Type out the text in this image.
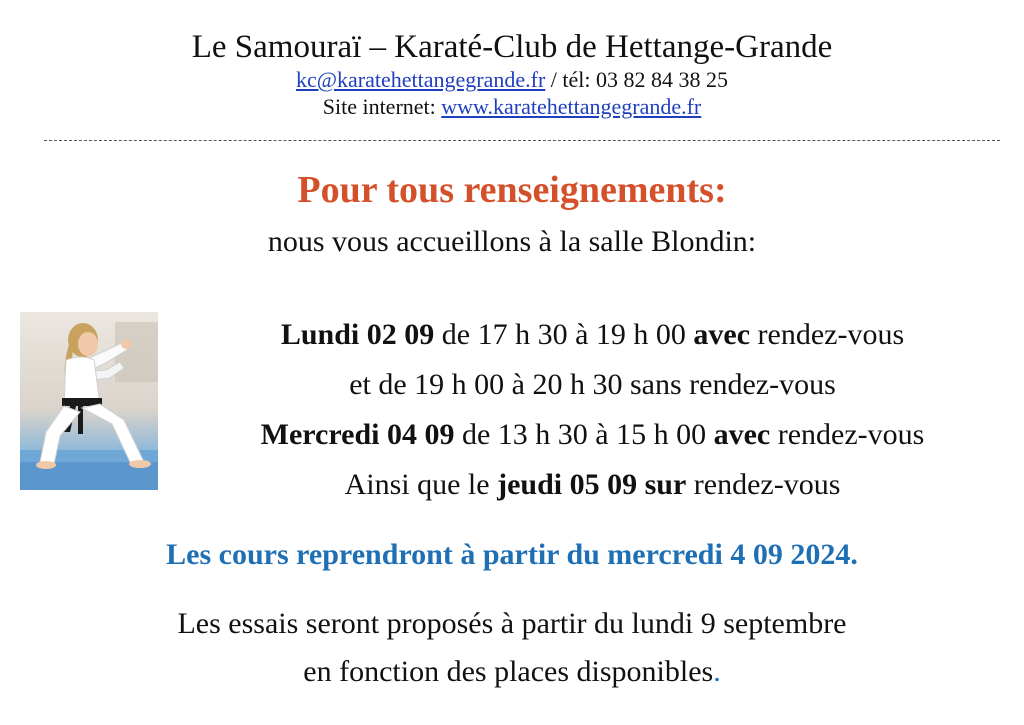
Le Samouraï – Karaté-Club de Hettange-Grande
kc@karatehettangegrande.fr / tél: 03 82 84 38 25
Site internet: www.karatehettangegrande.fr
Pour tous renseignements:
nous vous accueillons à la salle Blondin:
Lundi 02 09 de 17 h 30 à 19 h 00 avec rendez-vous
et de 19 h 00 à 20 h 30 sans rendez-vous
Mercredi 04 09 de 13 h 30 à 15 h 00 avec rendez-vous
Ainsi que le jeudi 05 09 sur rendez-vous
Les cours reprendront à partir du mercredi 4 09 2024.
Les essais seront proposés à partir du lundi 9 septembre
en fonction des places disponibles.
